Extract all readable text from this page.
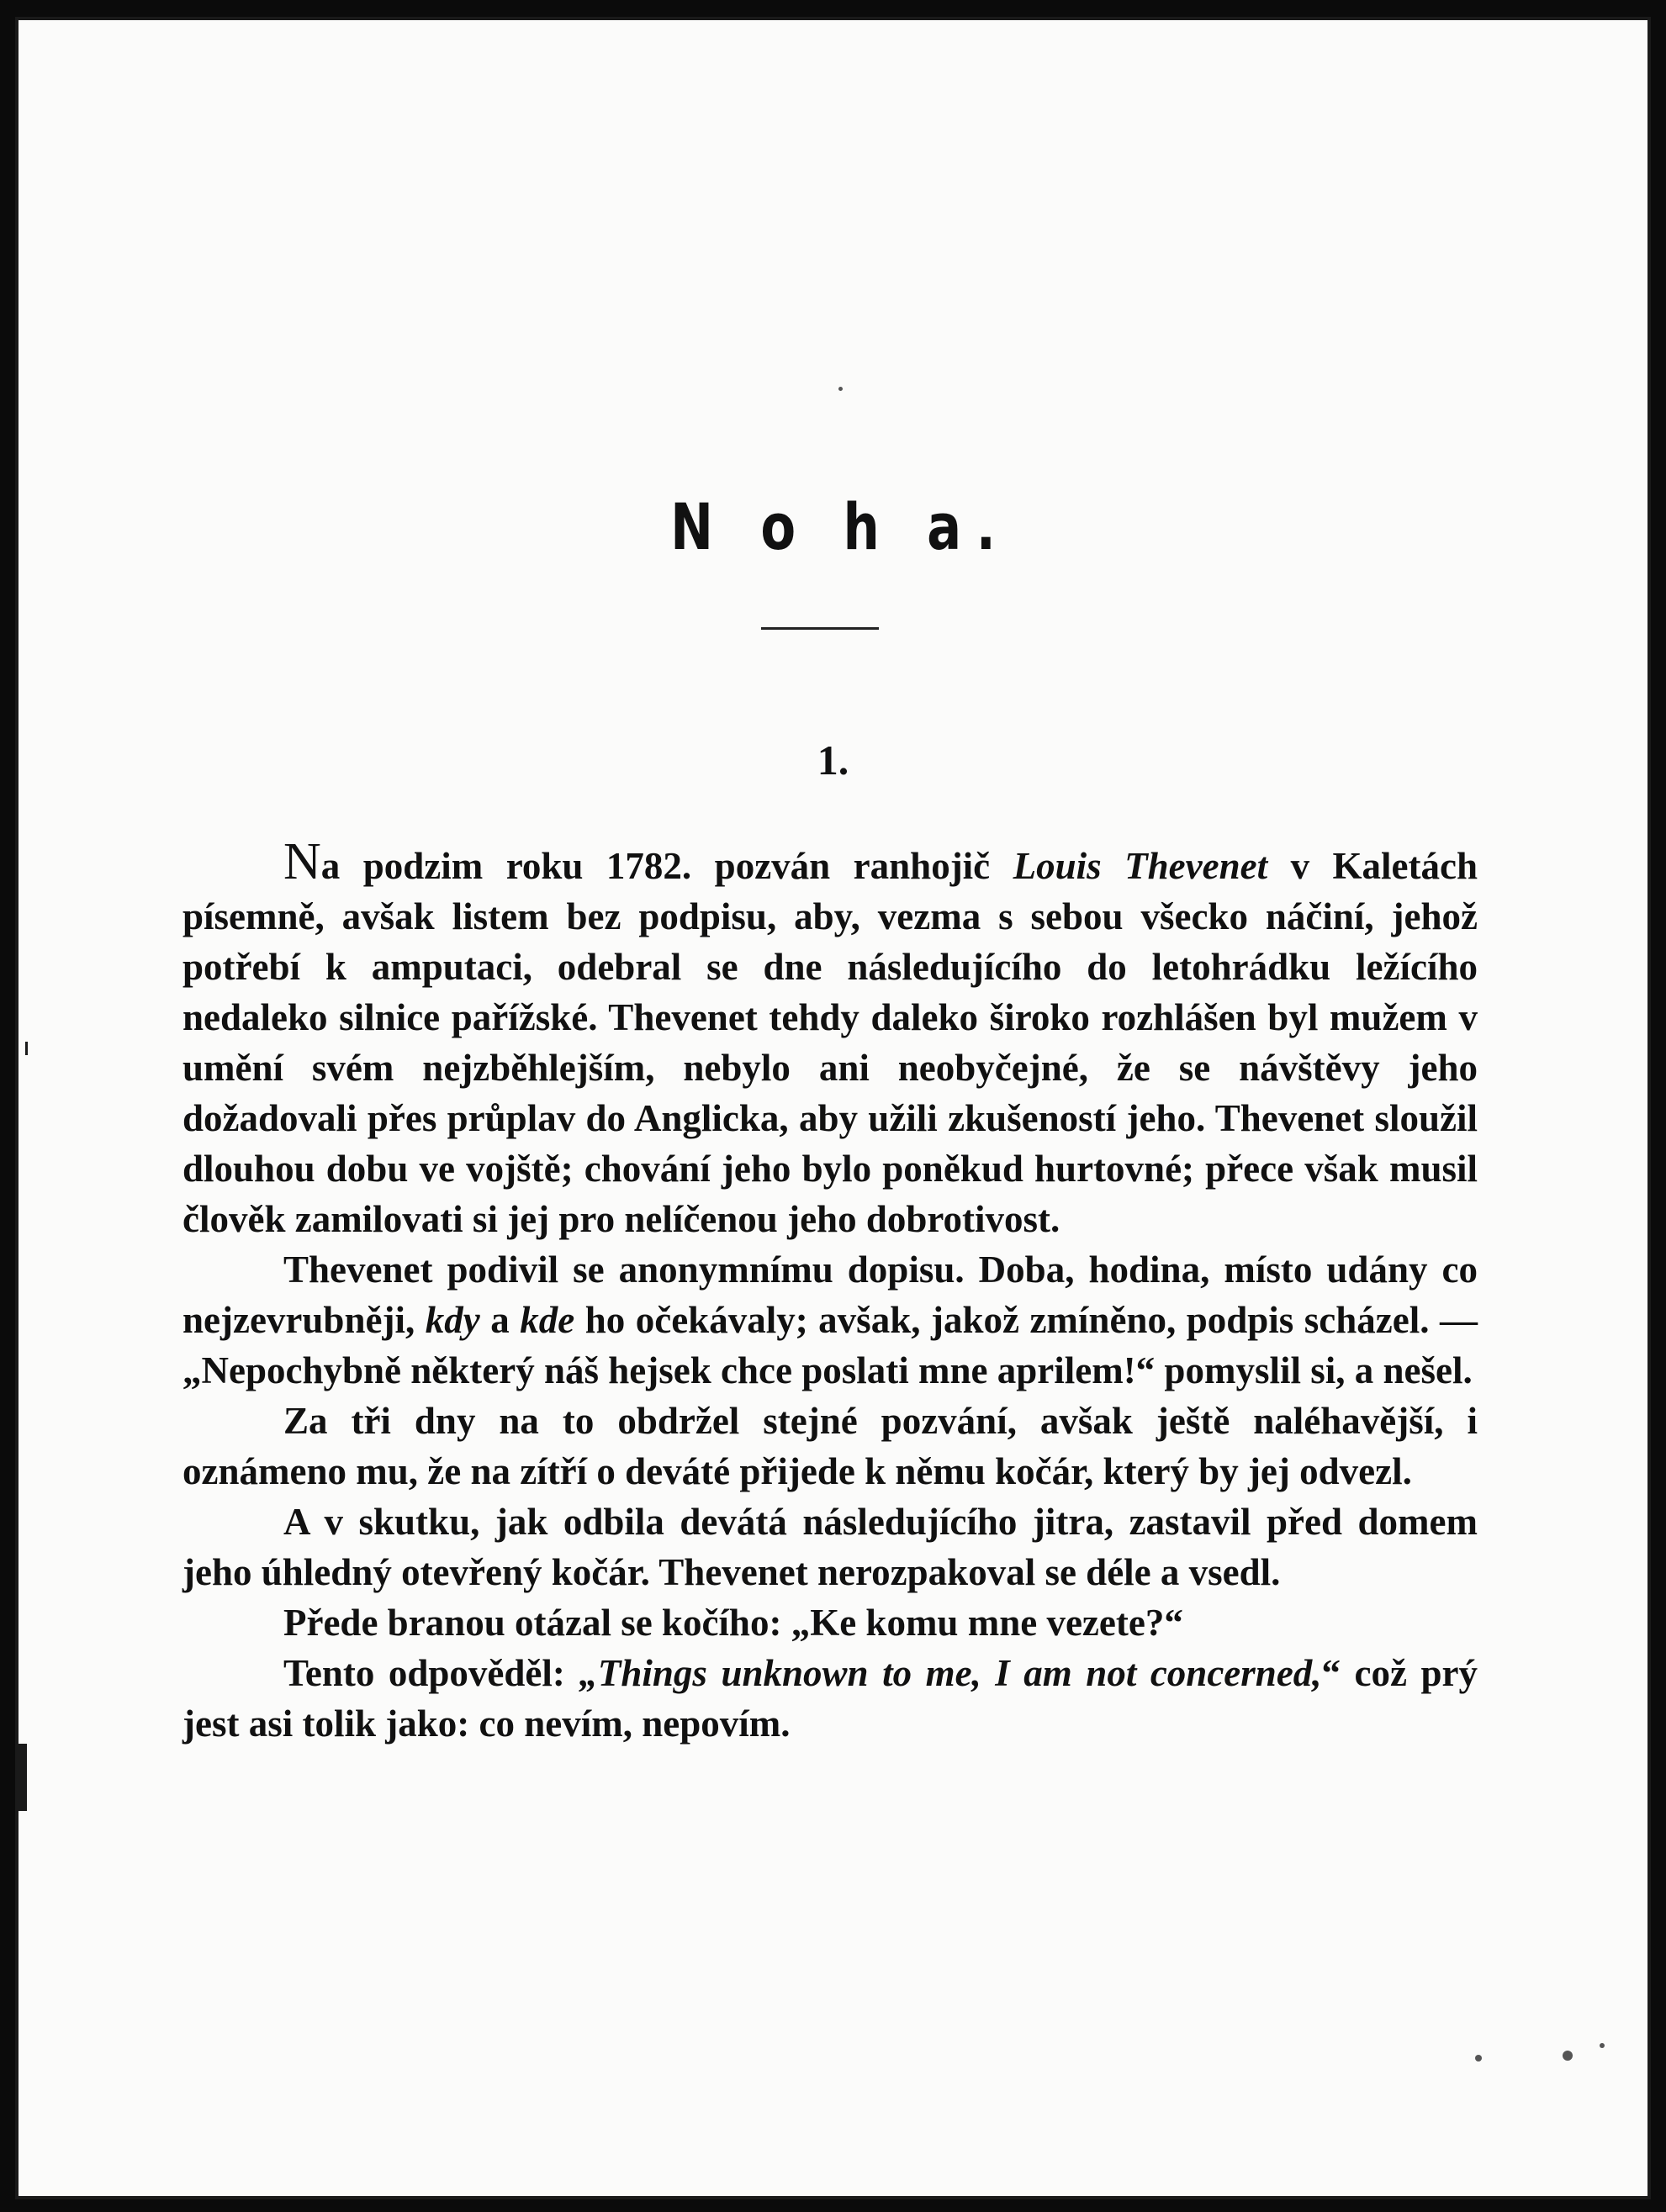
N o h a.
1.

Na podzim roku 1782. pozván ranhojič Louis Thevenet v Kaletách písemně, avšak listem bez podpisu, aby, vezma s sebou všecko náčiní, jehož potřebí k amputaci, odebral se dne následujícího do letohrádku ležícího nedaleko silnice pařížské. Thevenet tehdy daleko široko rozhlášen byl mužem v umění svém nejzběhlejším, nebylo ani neobyčejné, že se návštěvy jeho dožadovali přes průplav do Anglicka, aby užili zkušeností jeho. Thevenet sloužil dlouhou dobu ve vojště; chování jeho bylo poněkud hurtovné; přece však musil člověk zamilovati si jej pro nelíčenou jeho dobrotivost.

Thevenet podivil se anonymnímu dopisu. Doba, hodina, místo udány co nejzevrubněji, kdy a kde ho očekávaly; avšak, jakož zmíněno, podpis scházel. — „Nepochybně některý náš hejsek chce poslati mne aprilem!“ pomyslil si, a nešel.

Za tři dny na to obdržel stejné pozvání, avšak ještě naléhavější, i oznámeno mu, že na zítří o deváté přijede k němu kočár, který by jej odvezl.

A v skutku, jak odbila devátá následujícího jitra, zastavil před domem jeho úhledný otevřený kočár. Thevenet nerozpakoval se déle a vsedl.

Přede branou otázal se kočího: „Ke komu mne vezete?“

Tento odpověděl: „Things unknown to me, I am not concerned,“ což prý jest asi tolik jako: co nevím, nepovím.
